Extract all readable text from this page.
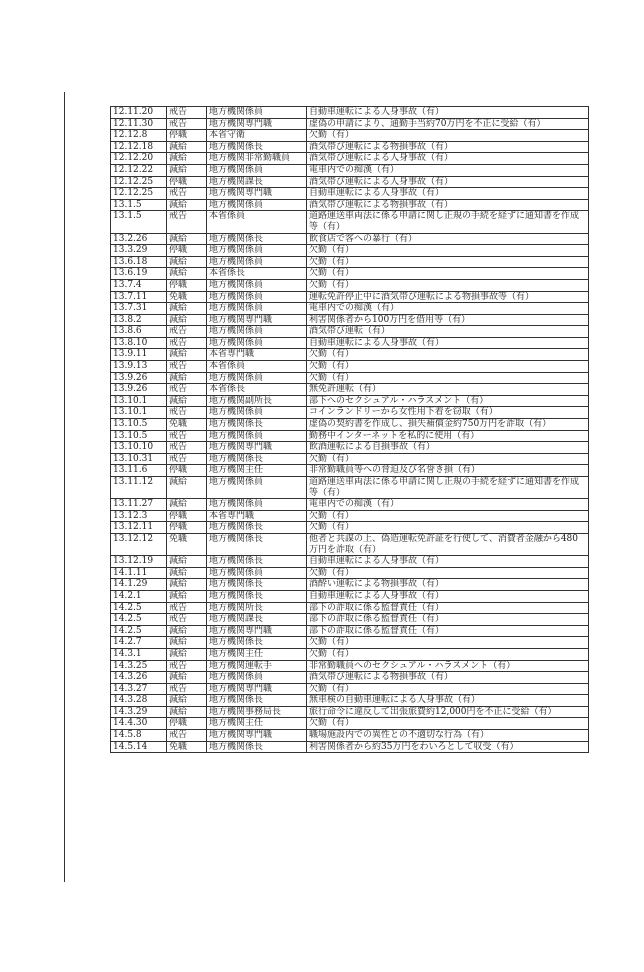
12.11.20	戒告	地方機関係員	自動車運転による人身事故（有）
12.11.30	戒告	地方機関専門職	虚偽の申請により、通勤手当約70万円を不正に受給（有）
12.12.8	停職	本省守衛	欠勤（有）
12.12.18	減給	地方機関係長	酒気帯び運転による物損事故（有）
12.12.20	減給	地方機関非常勤職員	酒気帯び運転による人身事故（有）
12.12.22	減給	地方機関係員	電車内での痴漢（有）
12.12.25	停職	地方機関課長	酒気帯び運転による人身事故（有）
12.12.25	戒告	地方機関専門職	自動車運転による人身事故（有）
13.1.5	減給	地方機関係員	酒気帯び運転による物損事故（有）
13.1.5	戒告	本省係員	道路運送車両法に係る申請に関し正規の手続を経ずに通知書を作成等（有）
13.2.26	減給	地方機関係長	飲食店で客への暴行（有）
13.3.29	停職	地方機関係員	欠勤（有）
13.6.18	減給	地方機関係員	欠勤（有）
13.6.19	減給	本省係長	欠勤（有）
13.7.4	停職	地方機関係員	欠勤（有）
13.7.11	免職	地方機関係員	運転免許停止中に酒気帯び運転による物損事故等（有）
13.7.31	減給	地方機関係員	電車内での痴漢（有）
13.8.2	減給	地方機関専門職	利害関係者から100万円を借用等（有）
13.8.6	戒告	地方機関係員	酒気帯び運転（有）
13.8.10	戒告	地方機関係員	自動車運転による人身事故（有）
13.9.11	減給	本省専門職	欠勤（有）
13.9.13	戒告	本省係員	欠勤（有）
13.9.26	減給	地方機関係員	欠勤（有）
13.9.26	戒告	本省係長	無免許運転（有）
13.10.1	減給	地方機関副所長	部下へのセクシュアル・ハラスメント（有）
13.10.1	戒告	地方機関係員	コインランドリーから女性用下着を窃取（有）
13.10.5	免職	地方機関係長	虚偽の契約書を作成し、損失補償金約750万円を詐取（有）
13.10.5	戒告	地方機関係員	勤務中インターネットを私的に使用（有）
13.10.10	戒告	地方機関専門職	飲酒運転による自損事故（有）
13.10.31	戒告	地方機関係長	欠勤（有）
13.11.6	停職	地方機関主任	非常勤職員等への脅迫及び名誉き損（有）
13.11.12	減給	地方機関係員	道路運送車両法に係る申請に関し正規の手続を経ずに通知書を作成等（有）
13.11.27	減給	地方機関係員	電車内での痴漢（有）
13.12.3	停職	本省専門職	欠勤（有）
13.12.11	停職	地方機関係長	欠勤（有）
13.12.12	免職	地方機関係長	他者と共謀の上、偽造運転免許証を行使して、消費者金融から480万円を詐取（有）
13.12.19	減給	地方機関係長	自動車運転による人身事故（有）
14.1.11	減給	地方機関係員	欠勤（有）
14.1.29	減給	地方機関係長	酒酔い運転による物損事故（有）
14.2.1	減給	地方機関係長	自動車運転による人身事故（有）
14.2.5	戒告	地方機関所長	部下の詐取に係る監督責任（有）
14.2.5	戒告	地方機関課長	部下の詐取に係る監督責任（有）
14.2.5	減給	地方機関専門職	部下の詐取に係る監督責任（有）
14.2.7	減給	地方機関係長	欠勤（有）
14.3.1	減給	地方機関主任	欠勤（有）
14.3.25	戒告	地方機関運転手	非常勤職員へのセクシュアル・ハラスメント（有）
14.3.26	減給	地方機関係員	酒気帯び運転による物損事故（有）
14.3.27	戒告	地方機関専門職	欠勤（有）
14.3.28	減給	地方機関係長	無車検の自動車運転による人身事故（有）
14.3.29	減給	地方機関事務局長	旅行命令に違反して出張旅費約12,000円を不正に受給（有）
14.4.30	停職	地方機関主任	欠勤（有）
14.5.8	戒告	地方機関専門職	職場施設内での異性との不適切な行為（有）
14.5.14	免職	地方機関係長	利害関係者から約35万円をわいろとして収受（有）
